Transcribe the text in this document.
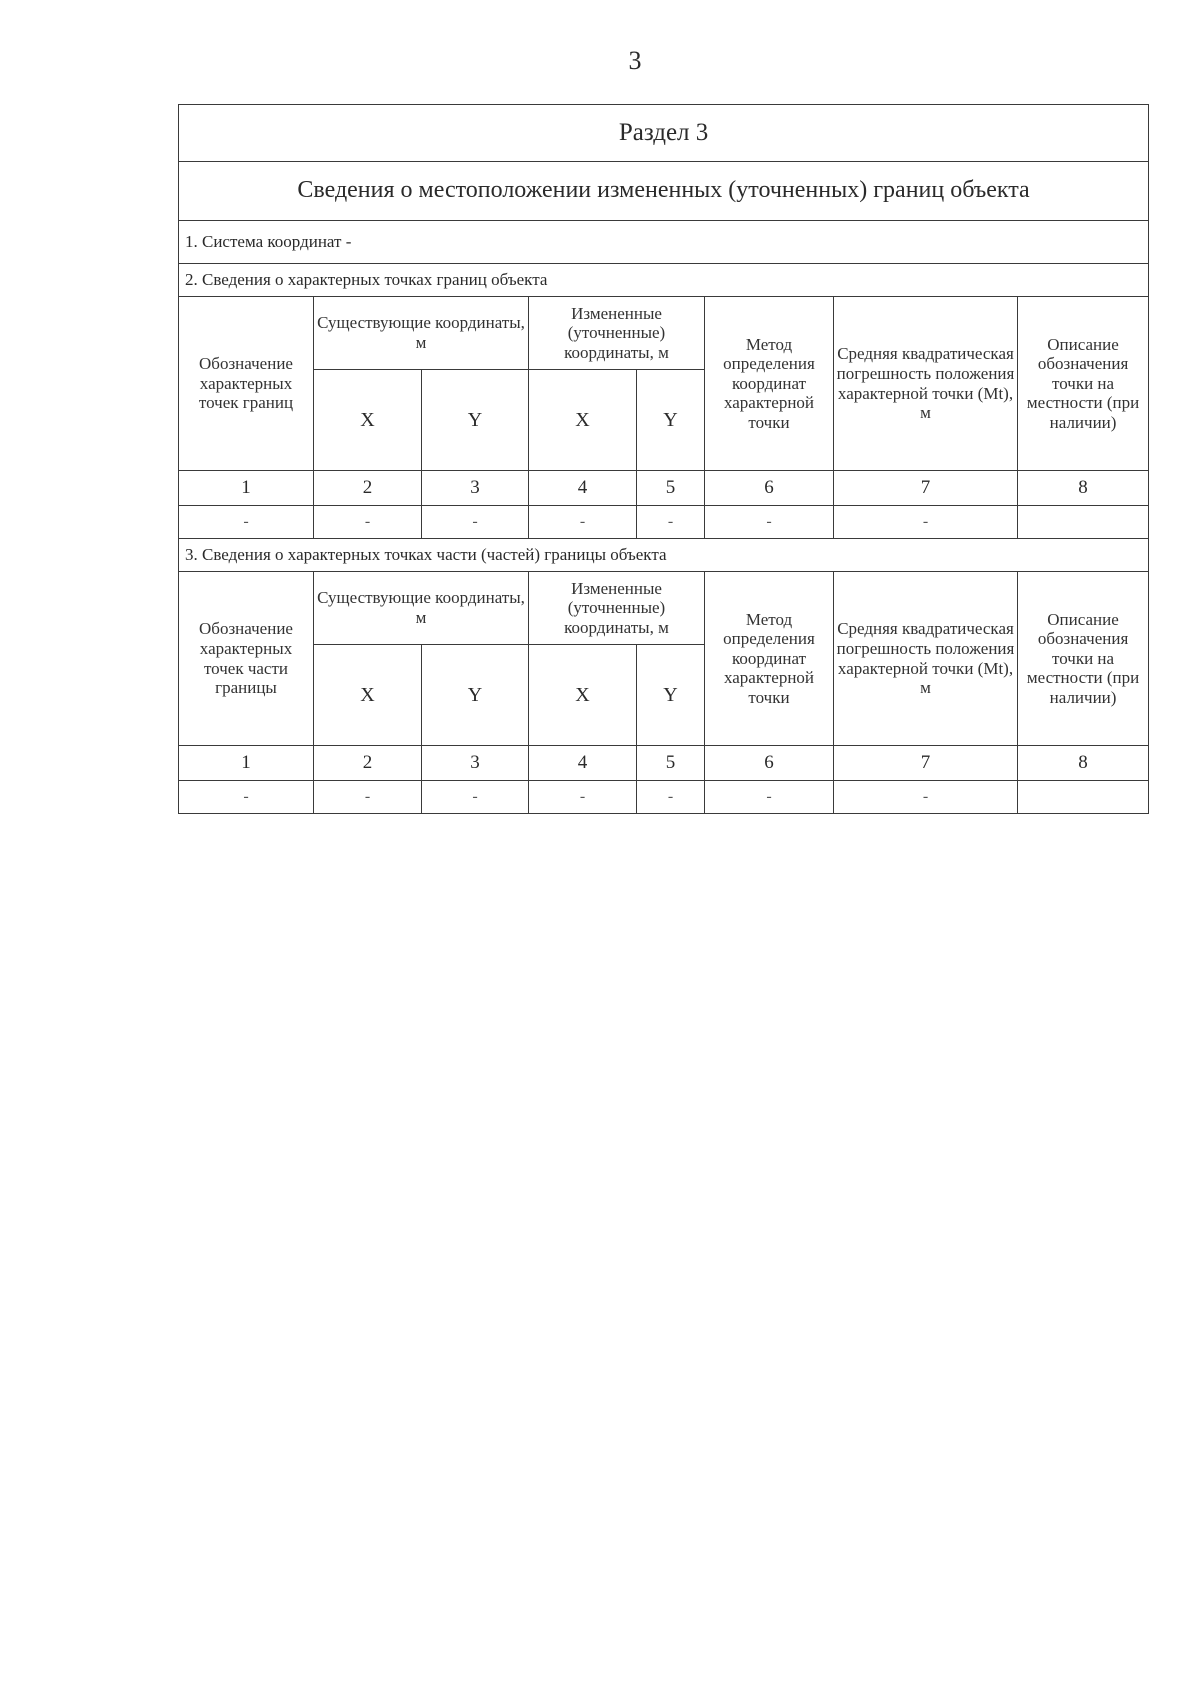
3
Раздел 3							
Сведения о местоположении измененных (уточненных) границ объекта							
1. Система координат -							
2. Сведения о характерных точках границ объекта							
Обозначение характерных точек границ	Существующие координаты, м		Измененные (уточненные) координаты, м		Метод определения координат характерной точки	Средняя квадратическая погрешность положения характерной точки (Mt), м	Описание обозначения точки на местности (при наличии)
	X	Y	X	Y			
1	2	3	4	5	6	7	8
-	-	-	-	-	-	-	
3. Сведения о характерных точках части (частей) границы объекта							
Обозначение характерных точек части границы	Существующие координаты, м		Измененные (уточненные) координаты, м		Метод определения координат характерной точки	Средняя квадратическая погрешность положения характерной точки (Mt), м	Описание обозначения точки на местности (при наличии)
	X	Y	X	Y			
1	2	3	4	5	6	7	8
-	-	-	-	-	-	-	
